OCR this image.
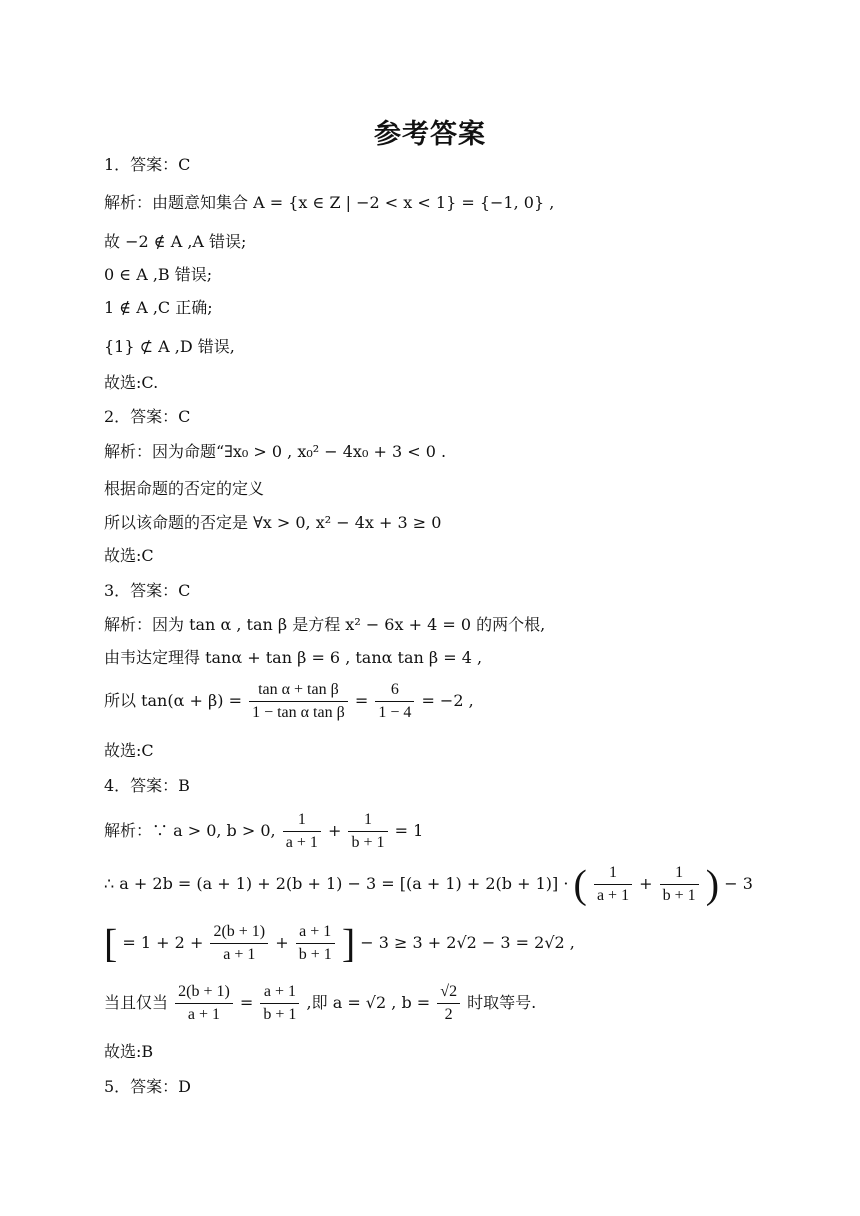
参考答案
1．答案：C
解析：由题意知集合 A = {x ∈ Z | −2 < x < 1} = {−1, 0} ,
故 −2 ∉ A ,A 错误;
0 ∈ A ,B 错误;
1 ∉ A ,C 正确;
{1} ⊄ A ,D 错误,
故选:C.
2．答案：C
解析：因为命题“∃x₀ > 0 , x₀² − 4x₀ + 3 < 0 .
根据命题的否定的定义
所以该命题的否定是 ∀x > 0, x² − 4x + 3 ≥ 0
故选:C
3．答案：C
解析：因为 tan α , tan β 是方程 x² − 6x + 4 = 0 的两个根,
由韦达定理得 tanα + tan β = 6 , tanα tan β = 4 ,
所以 $\tan(\alpha + \beta) = \frac{\text{tan α + tan β}}{\text{1 − tan α tan β}} = \frac{6}{1 - 4} = -2$ ,
故选:C
4．答案：B
解析：∵ a > 0, b > 0, $\frac{1}{a + 1} + \frac{1}{b + 1} = 1$
∴ a + 2b = (a + 1) + 2(b + 1) − 3 = [(a + 1) + 2(b + 1)] · ( $\frac{1}{a + 1} + \frac{1}{b + 1}$ ) − 3
[ = $1 + 2 + \frac{2(b + 1)}{a + 1} + \frac{a + 1}{b + 1}$ ] − 3 ≥ 3 + 2√2 − 3 = 2√2 ,
当且仅当 $\frac{2(b + 1)}{a + 1} = \frac{a + 1}{b + 1}$ ,即 a = √2 , $b = \frac{√2}{2}$ 时取等号.
故选:B
5．答案：D
